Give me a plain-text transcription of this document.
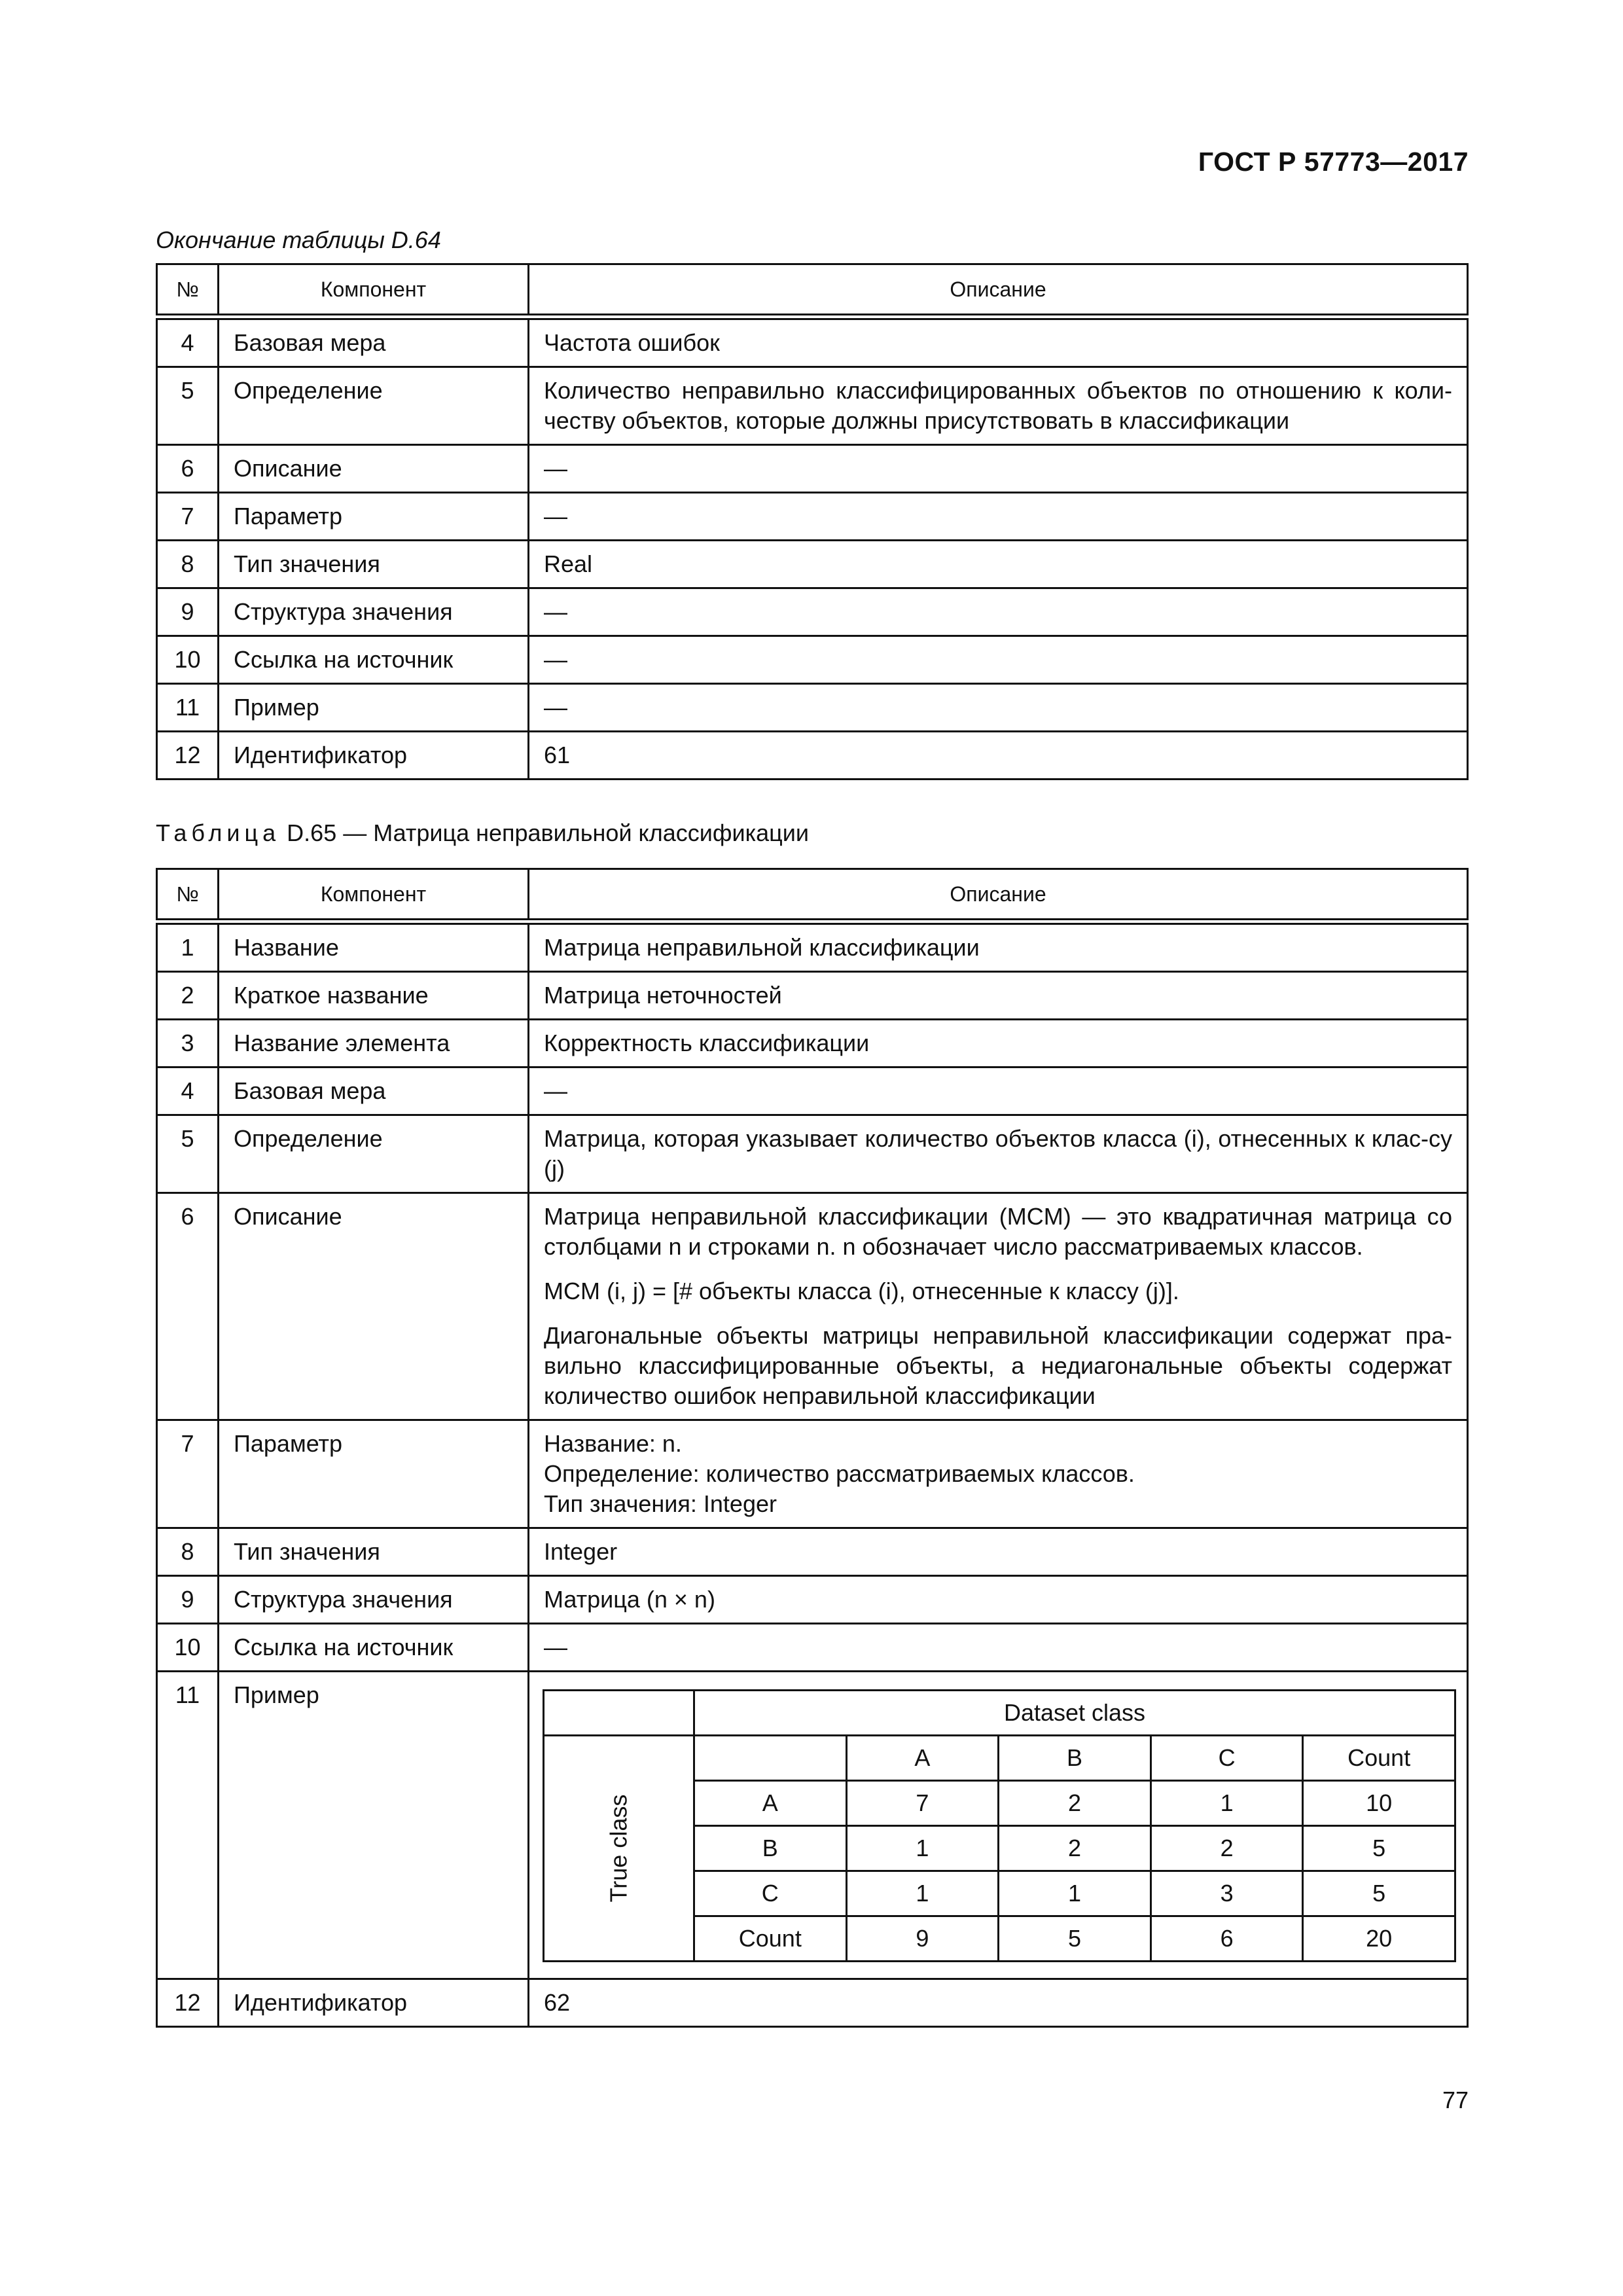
ГОСТ Р 57773—2017
Окончание таблицы D.64
№	Компонент	Описание
4	Базовая мера	Частота ошибок
5	Определение	Количество неправильно классифицированных объектов по отношению к коли-честву объектов, которые должны присутствовать в классификации
6	Описание	—
7	Параметр	—
8	Тип значения	Real
9	Структура значения	—
10	Ссылка на источник	—
11	Пример	—
12	Идентификатор	61
Таблица D.65 — Матрица неправильной классификации
№	Компонент	Описание
1	Название	Матрица неправильной классификации
2	Краткое название	Матрица неточностей
3	Название элемента	Корректность классификации
4	Базовая мера	—
5	Определение	Матрица, которая указывает количество объектов класса (i), отнесенных к клас-су (j)
6	Описание	Матрица неправильной классификации (MCM) — это квадратичная матрица со столбцами n и строками n. n обозначает число рассматриваемых классов.

MCM (i, j) = [# объекты класса (i), отнесенные к классу (j)].

Диагональные объекты матрицы неправильной классификации содержат пра-вильно классифицированные объекты, а недиагональные объекты содержат количество ошибок неправильной классификации

7	Параметр	Название: n.
Определение: количество рассматриваемых классов.
Тип значения: Integer

8	Тип значения	Integer
9	Структура значения	Матрица (n × n)
10	Ссылка на источник	—
11	Пример	
	Dataset class
True class		A	B	C	Count
A	7	2	1	10
B	1	2	2	5
C	1	1	3	5
Count	9	5	6	20

12	Идентификатор	62
77
